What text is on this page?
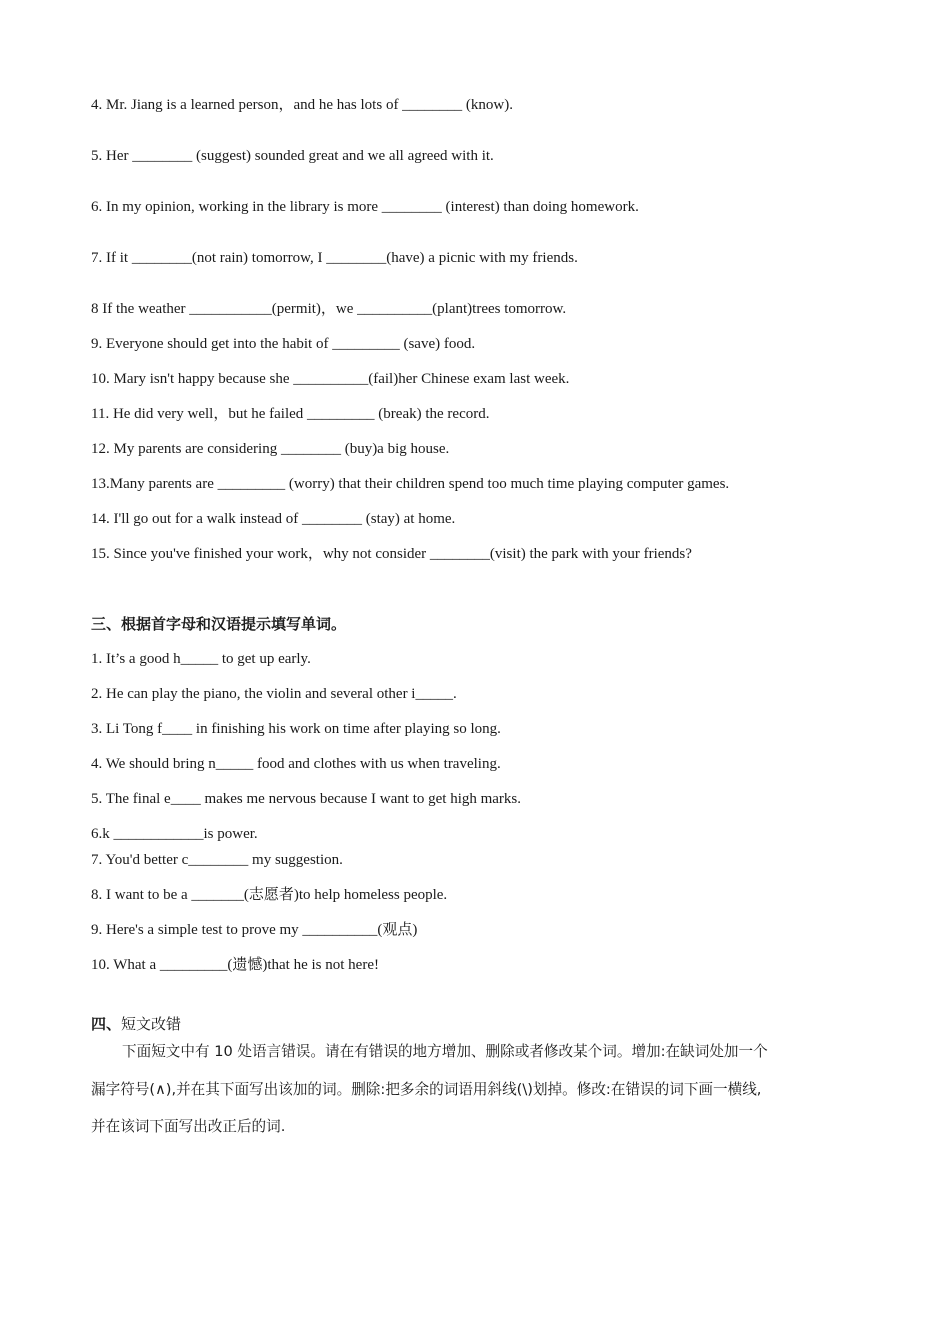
4. Mr. Jiang is a learned person，and he has lots of ________ (know).
5. Her ________ (suggest) sounded great and we all agreed with it.
6. In my opinion, working in the library is more ________ (interest) than doing homework.
7. If it ________(not rain) tomorrow, I ________(have) a picnic with my friends.
8 If the weather ___________(permit)，we __________(plant)trees tomorrow.
9. Everyone should get into the habit of _________ (save) food.
10. Mary isn't happy because she __________(fail)her Chinese exam last week.
11. He did very well，but he failed _________ (break) the record.
12. My parents are considering ________ (buy)a big house.
13.Many parents are _________ (worry) that their children spend too much time playing computer games.
14. I'll go out for a walk instead of ________ (stay) at home.
15. Since you've finished your work，why not consider ________(visit) the park with your friends?
三、根据首字母和汉语提示填写单词。
1. It’s a good h_____ to get up early.
2. He can play the piano, the violin and several other i_____.
3. Li Tong f____ in finishing his work on time after playing so long.
4. We should bring n_____ food and clothes with us when traveling.
5. The final e____ makes me nervous because I want to get high marks.
6.k ____________is power.
7. You'd better c________ my suggestion.
8. I want to be a _______(志愿者)to help homeless people.
9. Here's a simple test to prove my __________(观点)
10. What a _________(遗憾)that he is not here!
四、短文改错
下面短文中有 10 处语言错误。请在有错误的地方增加、删除或者修改某个词。增加:在缺词处加一个
漏字符号(∧),并在其下面写出该加的词。删除:把多余的词语用斜线(\)划掉。修改:在错误的词下画一横线,
并在该词下面写出改正后的词.
